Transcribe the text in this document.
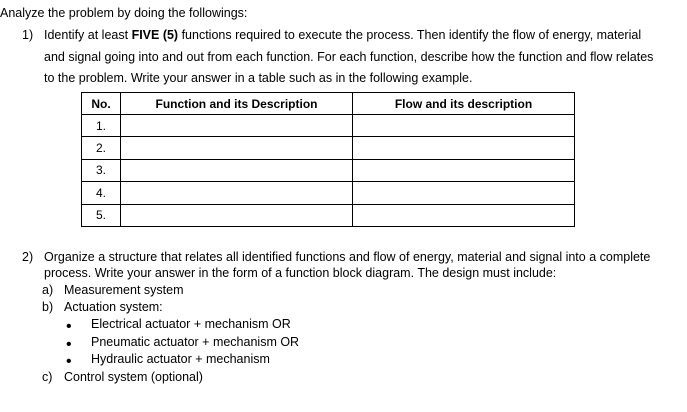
Analyze the problem by doing the followings:
1) Identify at least FIVE (5) functions required to execute the process. Then identify the flow of energy, material
and signal going into and out from each function. For each function, describe how the function and flow relates
to the problem. Write your answer in a table such as in the following example.
No.	Function and its Description	Flow and its description
1.		
2.		
3.		
4.		
5.		
2) Organize a structure that relates all identified functions and flow of energy, material and signal into a complete
process. Write your answer in the form of a function block diagram. The design must include:
a) Measurement system
b) Actuation system:
• Electrical actuator + mechanism OR
• Pneumatic actuator + mechanism OR
• Hydraulic actuator + mechanism
c) Control system (optional)
